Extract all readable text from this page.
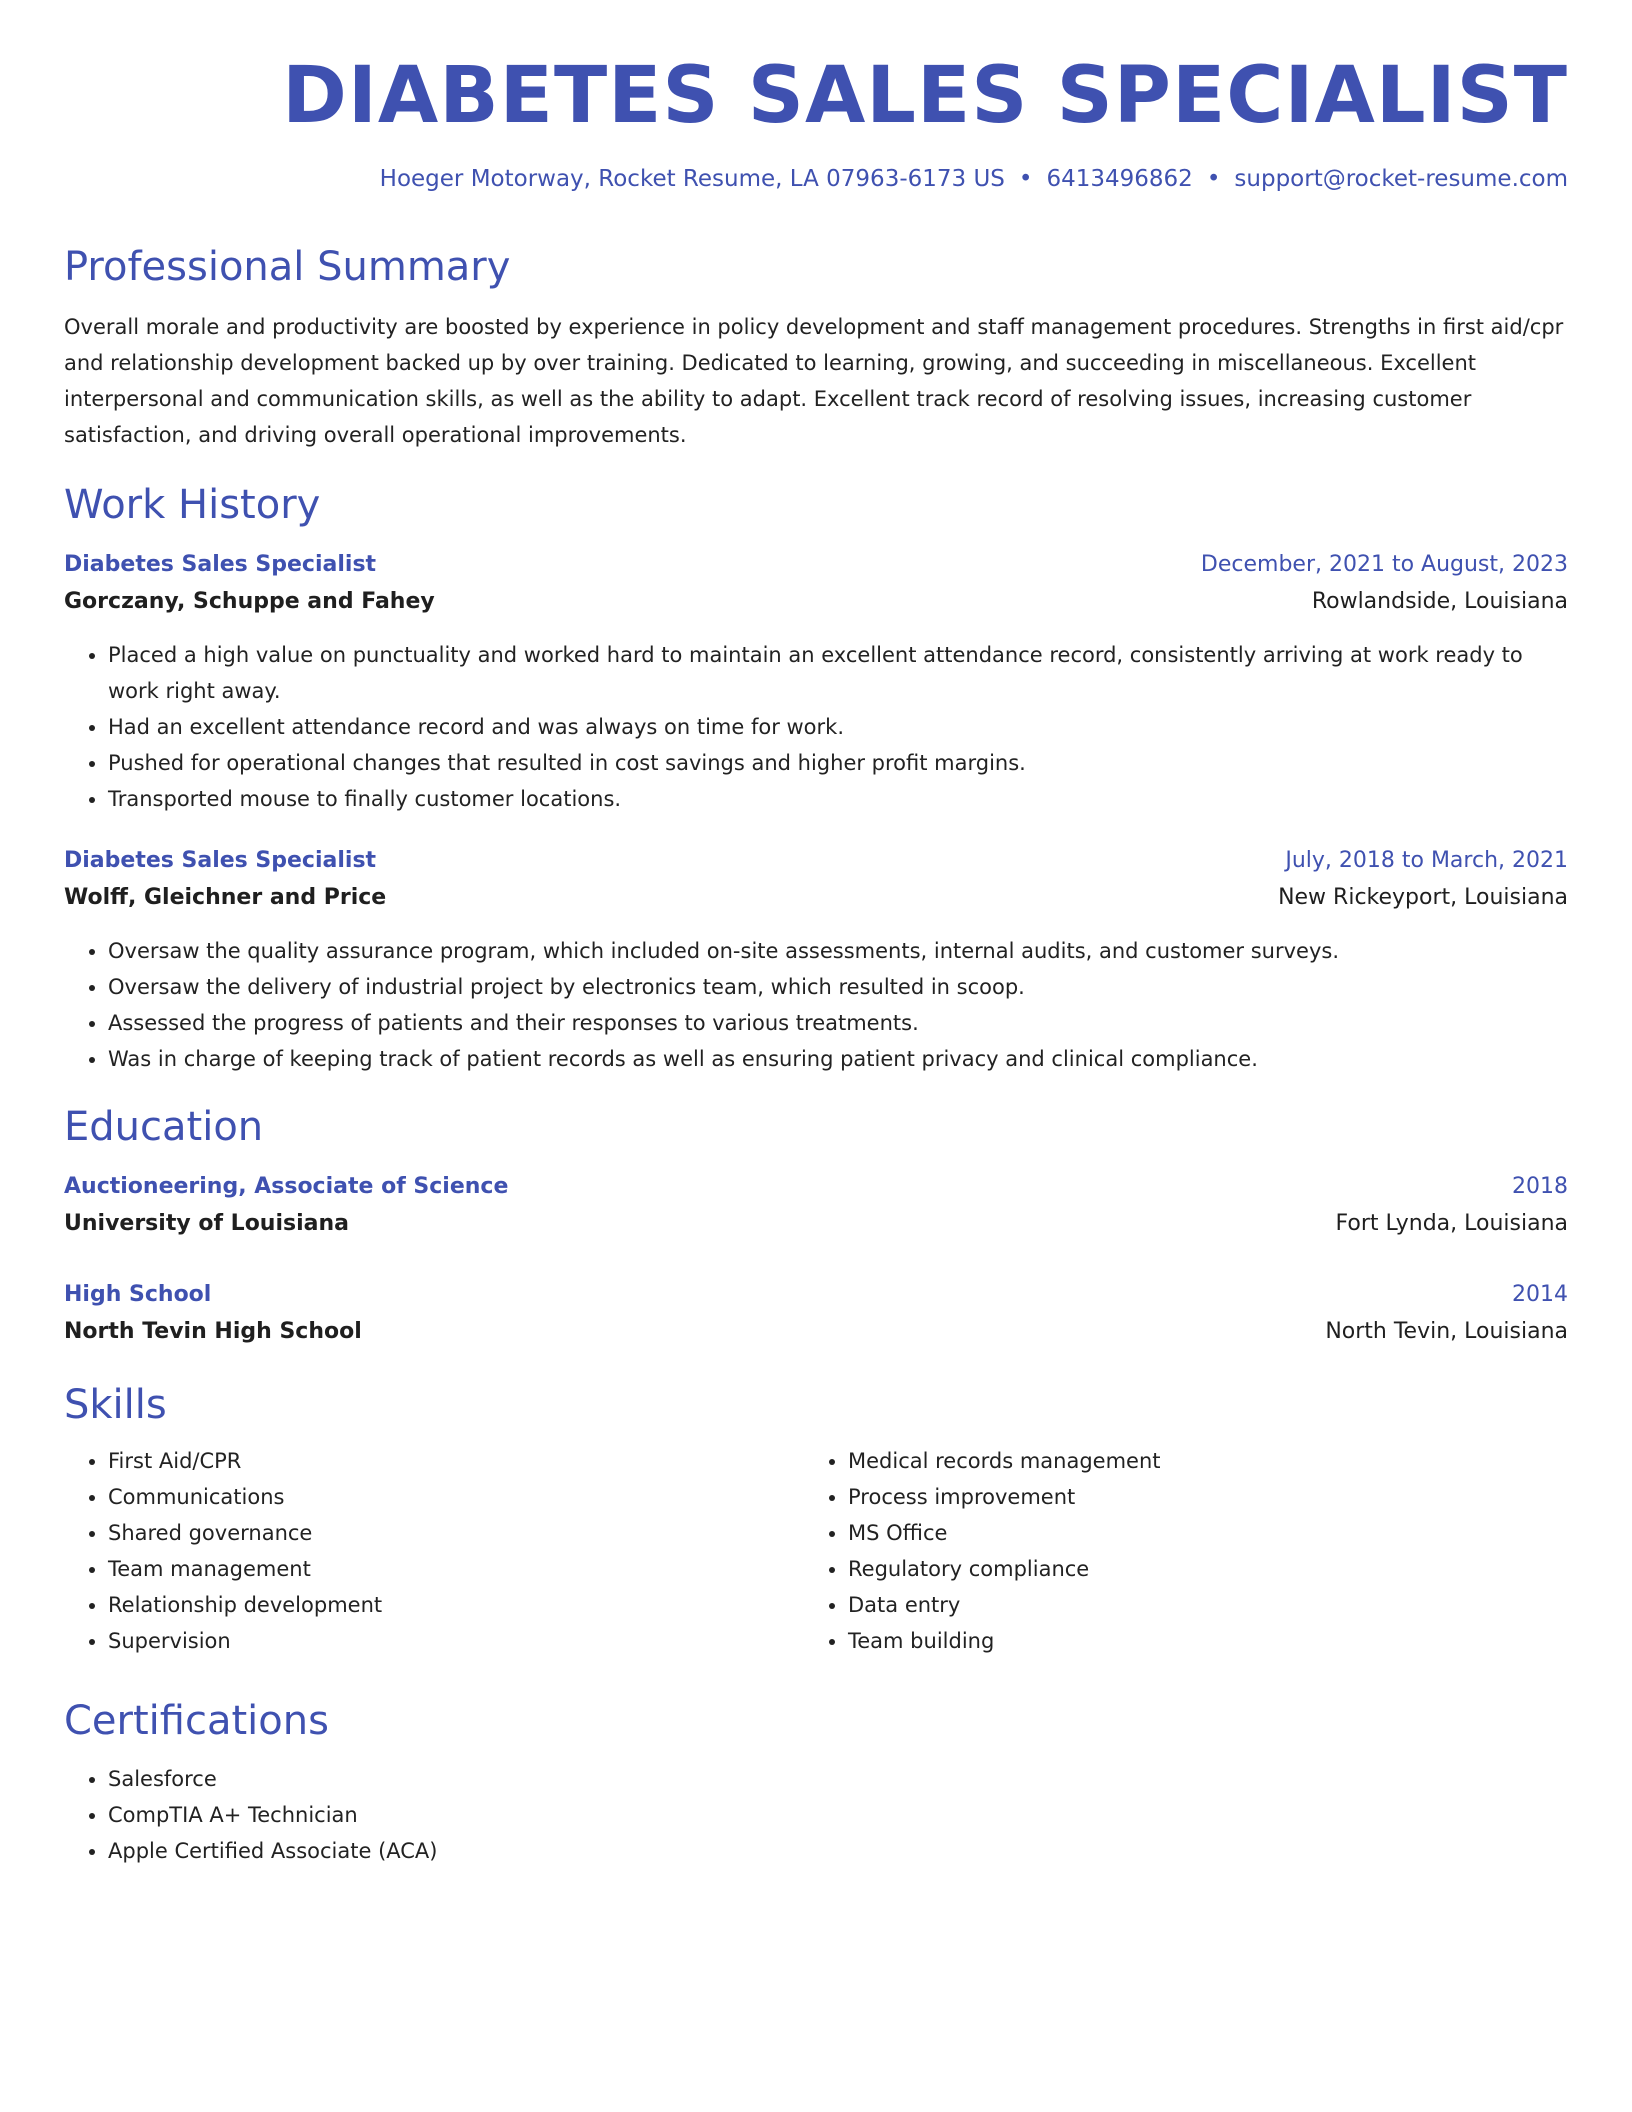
DIABETES SALES SPECIALIST
Hoeger Motorway, Rocket Resume, LA 07963-6173 US • 6413496862 • support@rocket-resume.com
Professional Summary
Overall morale and productivity are boosted by experience in policy development and staff management procedures. Strengths in first aid/cpr and relationship development backed up by over training. Dedicated to learning, growing, and succeeding in miscellaneous. Excellent interpersonal and communication skills, as well as the ability to adapt. Excellent track record of resolving issues, increasing customer satisfaction, and driving overall operational improvements.
Work History
Diabetes Sales Specialist	December, 2021 to August, 2023
Gorczany, Schuppe and Fahey	Rowlandside, Louisiana
• Placed a high value on punctuality and worked hard to maintain an excellent attendance record, consistently arriving at work ready to work right away.
• Had an excellent attendance record and was always on time for work.
• Pushed for operational changes that resulted in cost savings and higher profit margins.
• Transported mouse to finally customer locations.
Diabetes Sales Specialist	July, 2018 to March, 2021
Wolff, Gleichner and Price	New Rickeyport, Louisiana
• Oversaw the quality assurance program, which included on-site assessments, internal audits, and customer surveys.
• Oversaw the delivery of industrial project by electronics team, which resulted in scoop.
• Assessed the progress of patients and their responses to various treatments.
• Was in charge of keeping track of patient records as well as ensuring patient privacy and clinical compliance.
Education
Auctioneering, Associate of Science	2018
University of Louisiana	Fort Lynda, Louisiana
High School	2014
North Tevin High School	North Tevin, Louisiana
Skills
• First Aid/CPR
• Communications
• Shared governance
• Team management
• Relationship development
• Supervision
• Medical records management
• Process improvement
• MS Office
• Regulatory compliance
• Data entry
• Team building
Certifications
• Salesforce
• CompTIA A+ Technician
• Apple Certified Associate (ACA)
